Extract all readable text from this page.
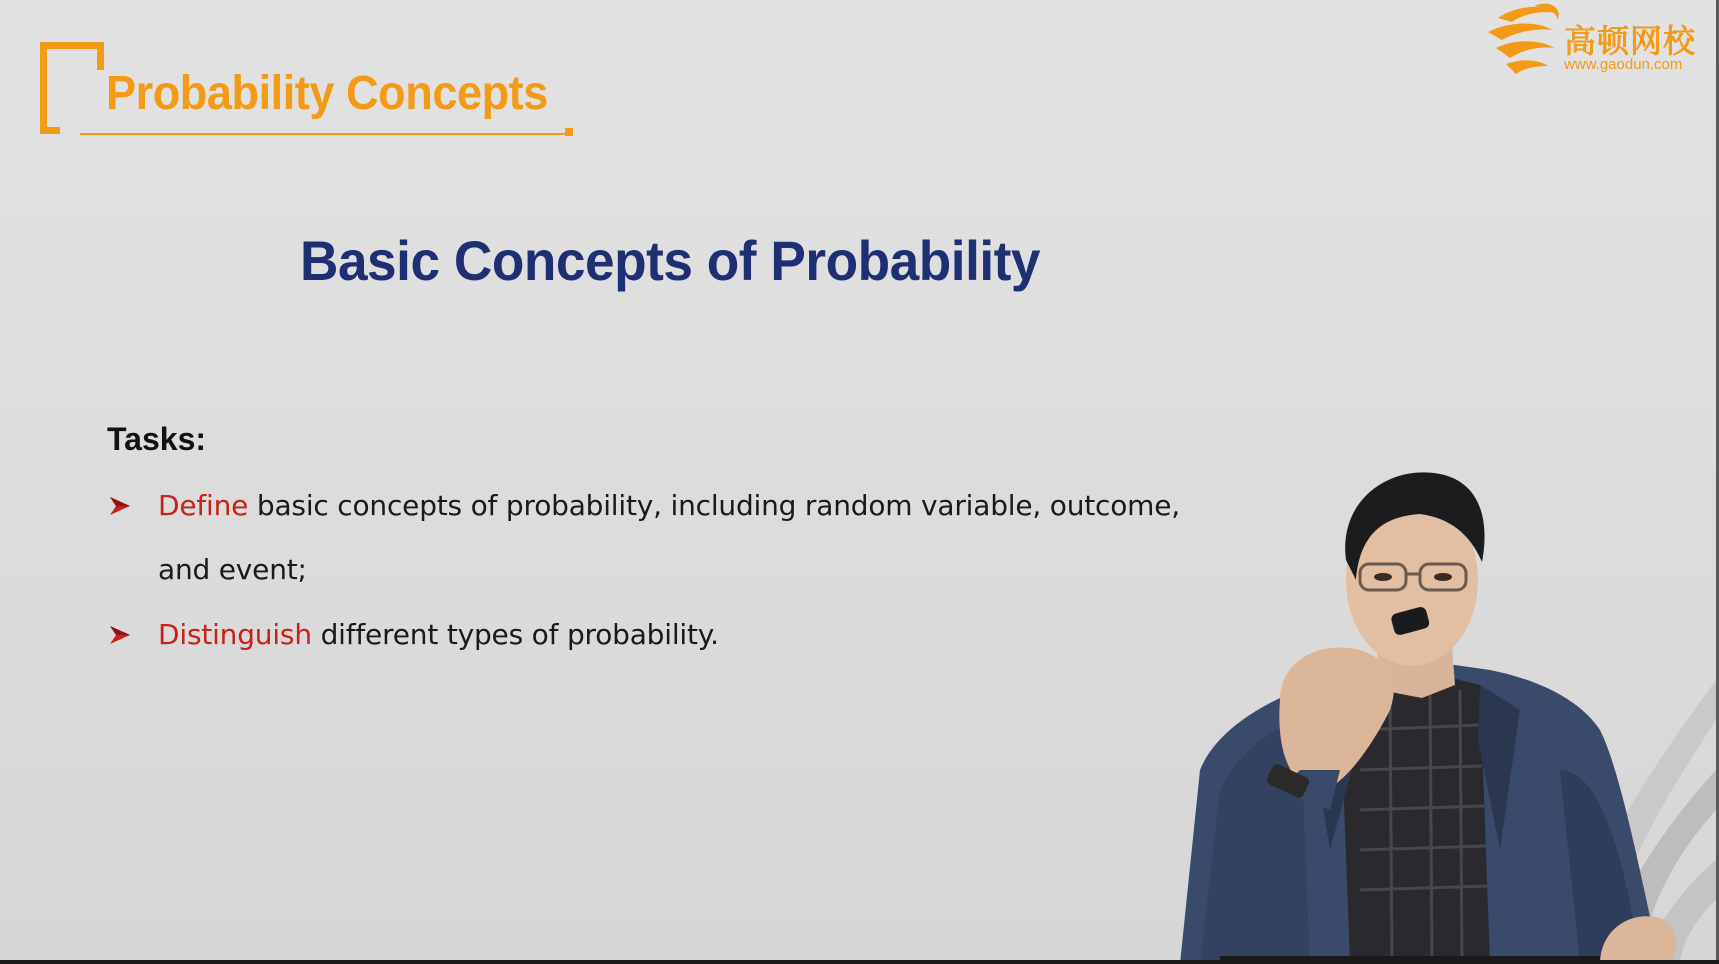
Probability Concepts
高顿网校
www.gaodun.com
Basic Concepts of Probability
Tasks:
Define basic concepts of probability, including random variable, outcome,
and event;
Distinguish different types of probability.
